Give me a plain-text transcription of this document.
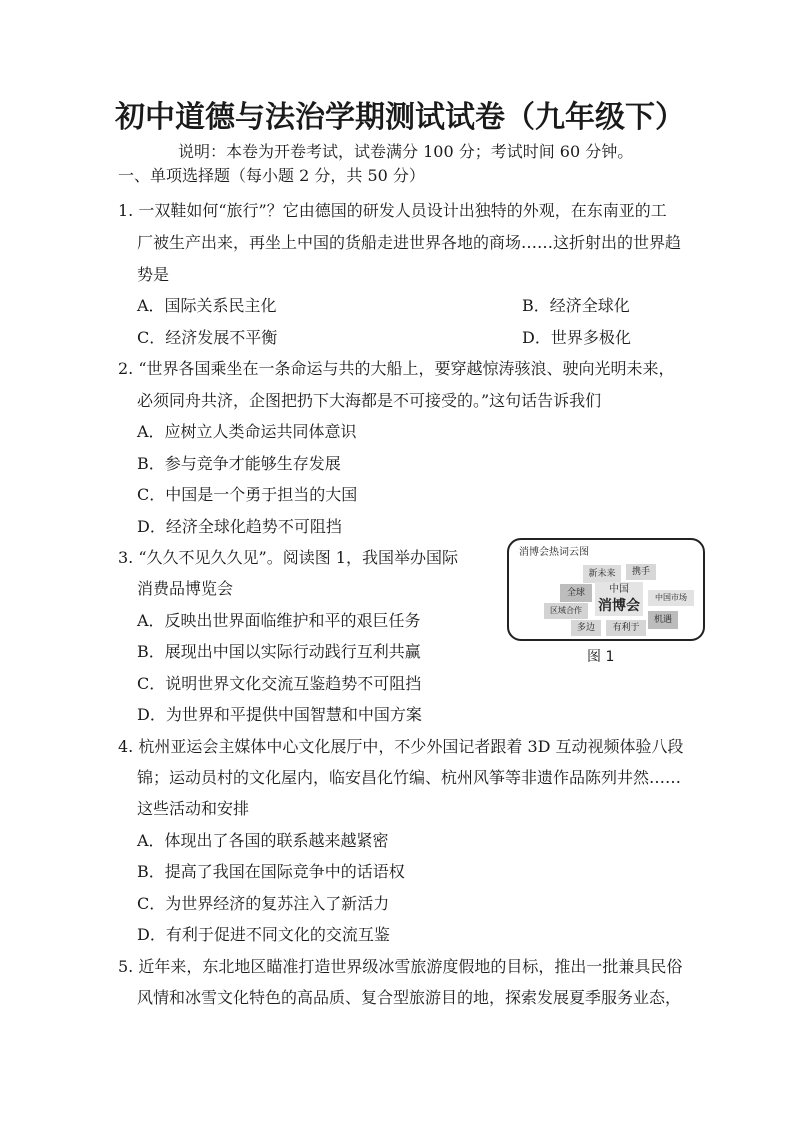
初中道德与法治学期测试试卷（九年级下）
说明：本卷为开卷考试，试卷满分 100 分；考试时间 60 分钟。
一、单项选择题（每小题 2 分，共 50 分）
1. 一双鞋如何“旅行”？它由德国的研发人员设计出独特的外观，在东南亚的工
厂被生产出来，再坐上中国的货船走进世界各地的商场……这折射出的世界趋
势是
A．国际关系民主化	B．经济全球化
C．经济发展不平衡	D．世界多极化
2. “世界各国乘坐在一条命运与共的大船上，要穿越惊涛骇浪、驶向光明未来，
必须同舟共济，企图把扔下大海都是不可接受的。”这句话告诉我们
A．应树立人类命运共同体意识
B．参与竞争才能够生存发展
C．中国是一个勇于担当的大国
D．经济全球化趋势不可阻挡
3. “久久不见久久见”。阅读图 1，我国举办国际
消费品博览会
A．反映出世界面临维护和平的艰巨任务
B．展现出中国以实际行动践行互利共赢
C．说明世界文化交流互鉴趋势不可阻挡
D．为世界和平提供中国智慧和中国方案
消博会热词云图
新未来	携手
全球	中国
消博会
中国市场
区域合作
机遇
多边	有利于
图 1
4. 杭州亚运会主媒体中心文化展厅中，不少外国记者跟着 3D 互动视频体验八段
锦；运动员村的文化屋内，临安昌化竹编、杭州风筝等非遗作品陈列井然……
这些活动和安排
A．体现出了各国的联系越来越紧密
B．提高了我国在国际竞争中的话语权
C．为世界经济的复苏注入了新活力
D．有利于促进不同文化的交流互鉴
5. 近年来，东北地区瞄准打造世界级冰雪旅游度假地的目标，推出一批兼具民俗
风情和冰雪文化特色的高品质、复合型旅游目的地，探索发展夏季服务业态，
